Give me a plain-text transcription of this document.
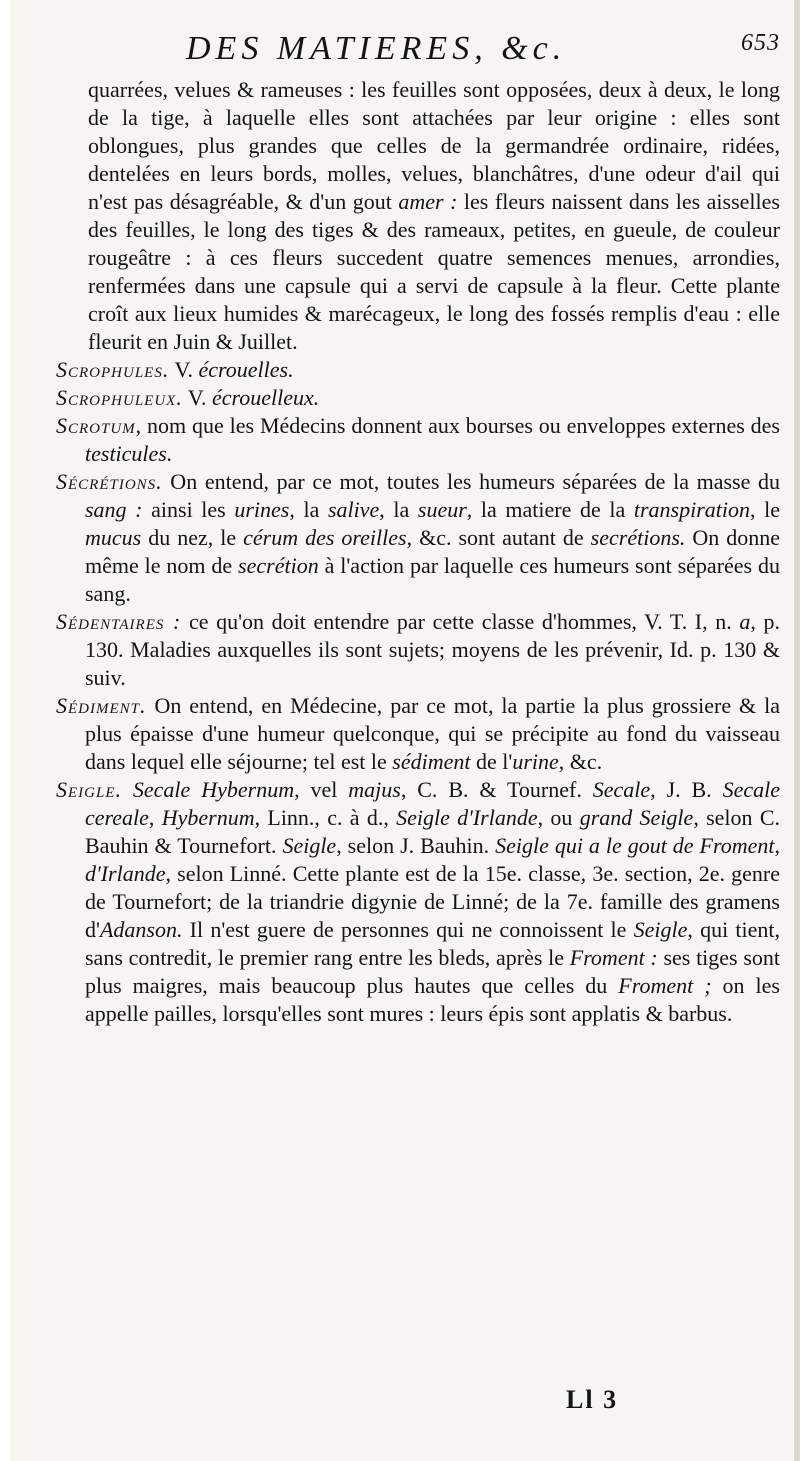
DES MATIERES, &c.	653

quarrées, velues & rameuses : les feuilles sont opposées, deux à deux, le long de la tige, à laquelle elles sont attachées par leur origine : elles sont oblongues, plus grandes que celles de la germandrée ordinaire, ridées, dentelées en leurs bords, molles, velues, blanchâtres, d'une odeur d'ail qui n'est pas désagréable, & d'un gout amer : les fleurs naissent dans les aisselles des feuilles, le long des tiges & des rameaux, petites, en gueule, de couleur rougeâtre : à ces fleurs succedent quatre semences menues, arrondies, renfermées dans une capsule qui a servi de capsule à la fleur. Cette plante croît aux lieux humides & marécageux, le long des fossés remplis d'eau : elle fleurit en Juin & Juillet.

Scrophules. V. écrouelles.

Scrophuleux. V. écrouelleux.

Scrotum, nom que les Médecins donnent aux bourses ou enveloppes externes des testicules.

Sécrétions. On entend, par ce mot, toutes les humeurs séparées de la masse du sang : ainsi les urines, la salive, la sueur, la matiere de la transpiration, le mucus du nez, le cérum des oreilles, &c. sont autant de secrétions. On donne même le nom de secrétion à l'action par laquelle ces humeurs sont séparées du sang.

Sédentaires : ce qu'on doit entendre par cette classe d'hommes, V. T. I, n. a, p. 130. Maladies auxquelles ils sont sujets; moyens de les prévenir, Id. p. 130 & suiv.

Sédiment. On entend, en Médecine, par ce mot, la partie la plus grossiere & la plus épaisse d'une humeur quelconque, qui se précipite au fond du vaisseau dans lequel elle séjourne; tel est le sédiment de l'urine, &c.

Seigle. Secale Hybernum, vel majus, C. B. & Tournef. Secale, J. B. Secale cereale, Hybernum, Linn., c. à d., Seigle d'Irlande, ou grand Seigle, selon C. Bauhin & Tournefort. Seigle, selon J. Bauhin. Seigle qui a le gout de Froment, d'Irlande, selon Linné. Cette plante est de la 15e. classe, 3e. section, 2e. genre de Tournefort; de la triandrie digynie de Linné; de la 7e. famille des gramens d'Adanson. Il n'est guere de personnes qui ne connoissent le Seigle, qui tient, sans contredit, le premier rang entre les bleds, après le Froment : ses tiges sont plus maigres, mais beaucoup plus hautes que celles du Froment ; on les appelle pailles, lorsqu'elles sont mures : leurs épis sont applatis & barbus.

Ll 3
